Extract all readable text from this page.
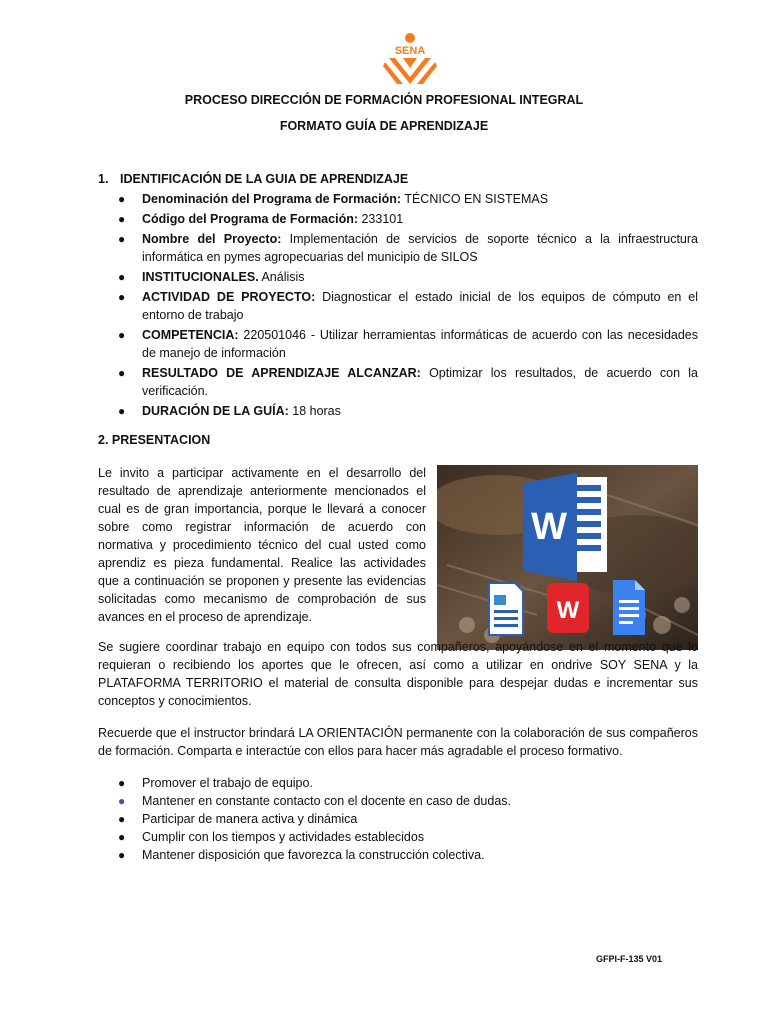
SENA
PROCESO DIRECCIÓN DE FORMACIÓN PROFESIONAL INTEGRAL
FORMATO GUÍA DE APRENDIZAJE
1. IDENTIFICACIÓN DE LA GUIA DE APRENDIZAJE
● Denominación del Programa de Formación: TÉCNICO EN SISTEMAS
● Código del Programa de Formación: 233101
● Nombre del Proyecto: Implementación de servicios de soporte técnico a la infraestructura informática en pymes agropecuarias del municipio de SILOS
● INSTITUCIONALES. Análisis
● ACTIVIDAD DE PROYECTO: Diagnosticar el estado inicial de los equipos de cómputo en el entorno de trabajo
● COMPETENCIA: 220501046 - Utilizar herramientas informáticas de acuerdo con las necesidades de manejo de información
● RESULTADO DE APRENDIZAJE ALCANZAR: Optimizar los resultados, de acuerdo con la verificación.
● DURACIÓN DE LA GUÍA: 18 horas
2. PRESENTACION
Le invito a participar activamente en el desarrollo del resultado de aprendizaje anteriormente mencionados el cual es de gran importancia, porque le llevará a conocer sobre como registrar información de acuerdo con normativa y procedimiento técnico del cual usted como aprendiz es pieza fundamental. Realice las actividades que a continuación se proponen y presente las evidencias solicitadas como mecanismo de comprobación de sus avances en el proceso de aprendizaje.
W
W
Se sugiere coordinar trabajo en equipo con todos sus compañeros, apoyándose en el momento que lo requieran o recibiendo los aportes que le ofrecen, así como a utilizar en ondrive SOY SENA y la PLATAFORMA TERRITORIO el material de consulta disponible para despejar dudas e incrementar sus conceptos y conocimientos.
Recuerde que el instructor brindará LA ORIENTACIÓN permanente con la colaboración de sus compañeros de formación. Comparta e interactúe con ellos para hacer más agradable el proceso formativo.
● Promover el trabajo de equipo.
● Mantener en constante contacto con el docente en caso de dudas.
● Participar de manera activa y dinámica
● Cumplir con los tiempos y actividades establecidos
● Mantener disposición que favorezca la construcción colectiva.
GFPI-F-135 V01
